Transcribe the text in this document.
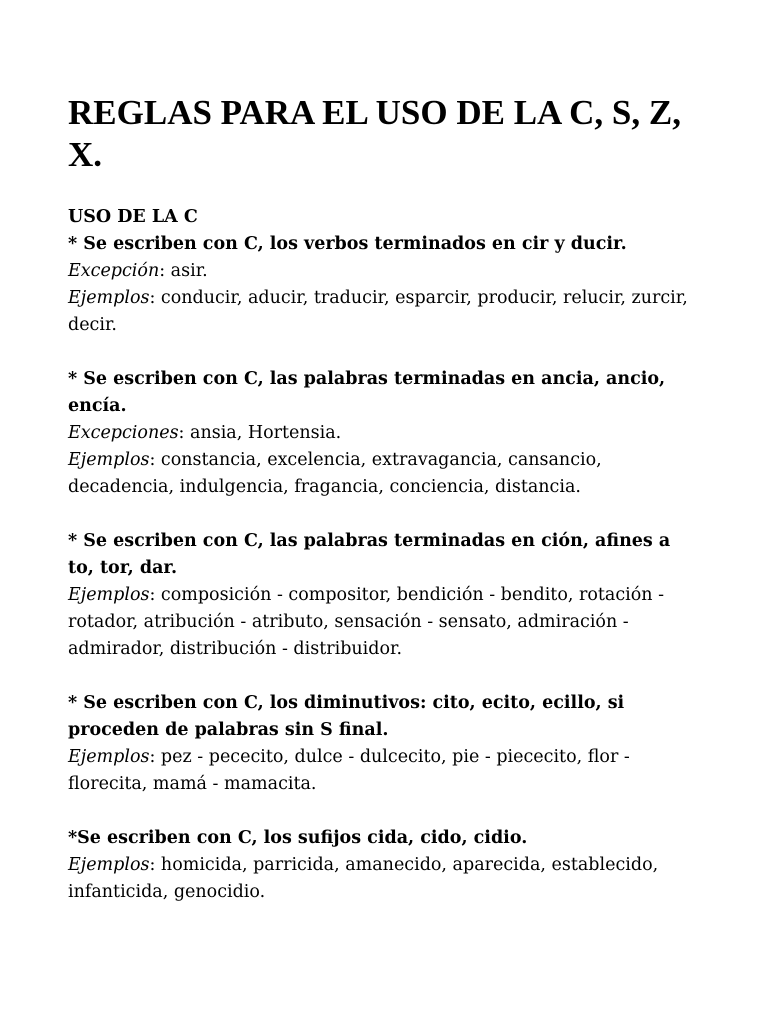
REGLAS PARA EL USO DE LA C, S, Z, X.
USO DE LA C
* Se escriben con C, los verbos terminados en cir y ducir.
Excepción: asir.
Ejemplos: conducir, aducir, traducir, esparcir, producir, relucir, zurcir, decir.
* Se escriben con C, las palabras terminadas en ancia, ancio, encía.
Excepciones: ansia, Hortensia.
Ejemplos: constancia, excelencia, extravagancia, cansancio, decadencia, indulgencia, fragancia, conciencia, distancia.
* Se escriben con C, las palabras terminadas en ción, afines a to, tor, dar.
Ejemplos: composición - compositor, bendición - bendito, rotación - rotador, atribución - atributo, sensación - sensato, admiración - admirador, distribución - distribuidor.
* Se escriben con C, los diminutivos: cito, ecito, ecillo, si proceden de palabras sin S final.
Ejemplos: pez - pececito, dulce - dulcecito, pie - piececito, flor - florecita, mamá - mamacita.
*Se escriben con C, los sufijos cida, cido, cidio.
Ejemplos: homicida, parricida, amanecido, aparecida, establecido, infanticida, genocidio.
